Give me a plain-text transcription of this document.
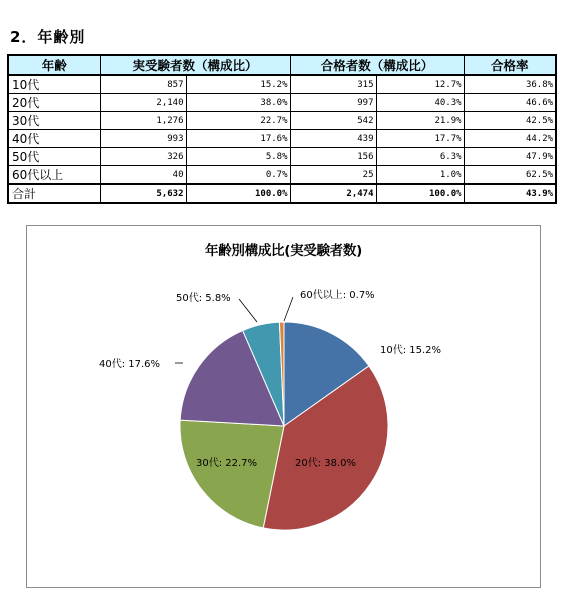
2．年齢別
年齢	実受験者数（構成比）		合格者数（構成比）		合格率
10代	857	15.2%	315	12.7%	36.8%
20代	2,140	38.0%	997	40.3%	46.6%
30代	1,276	22.7%	542	21.9%	42.5%
40代	993	17.6%	439	17.7%	44.2%
50代	326	5.8%	156	6.3%	47.9%
60代以上	40	0.7%	25	1.0%	62.5%
合計	5,632	100.0%	2,474	100.0%	43.9%
年齢別構成比(実受験者数)
10代: 15.2%
20代: 38.0%
30代: 22.7%
40代: 17.6%
50代: 5.8%	60代以上: 0.7%
